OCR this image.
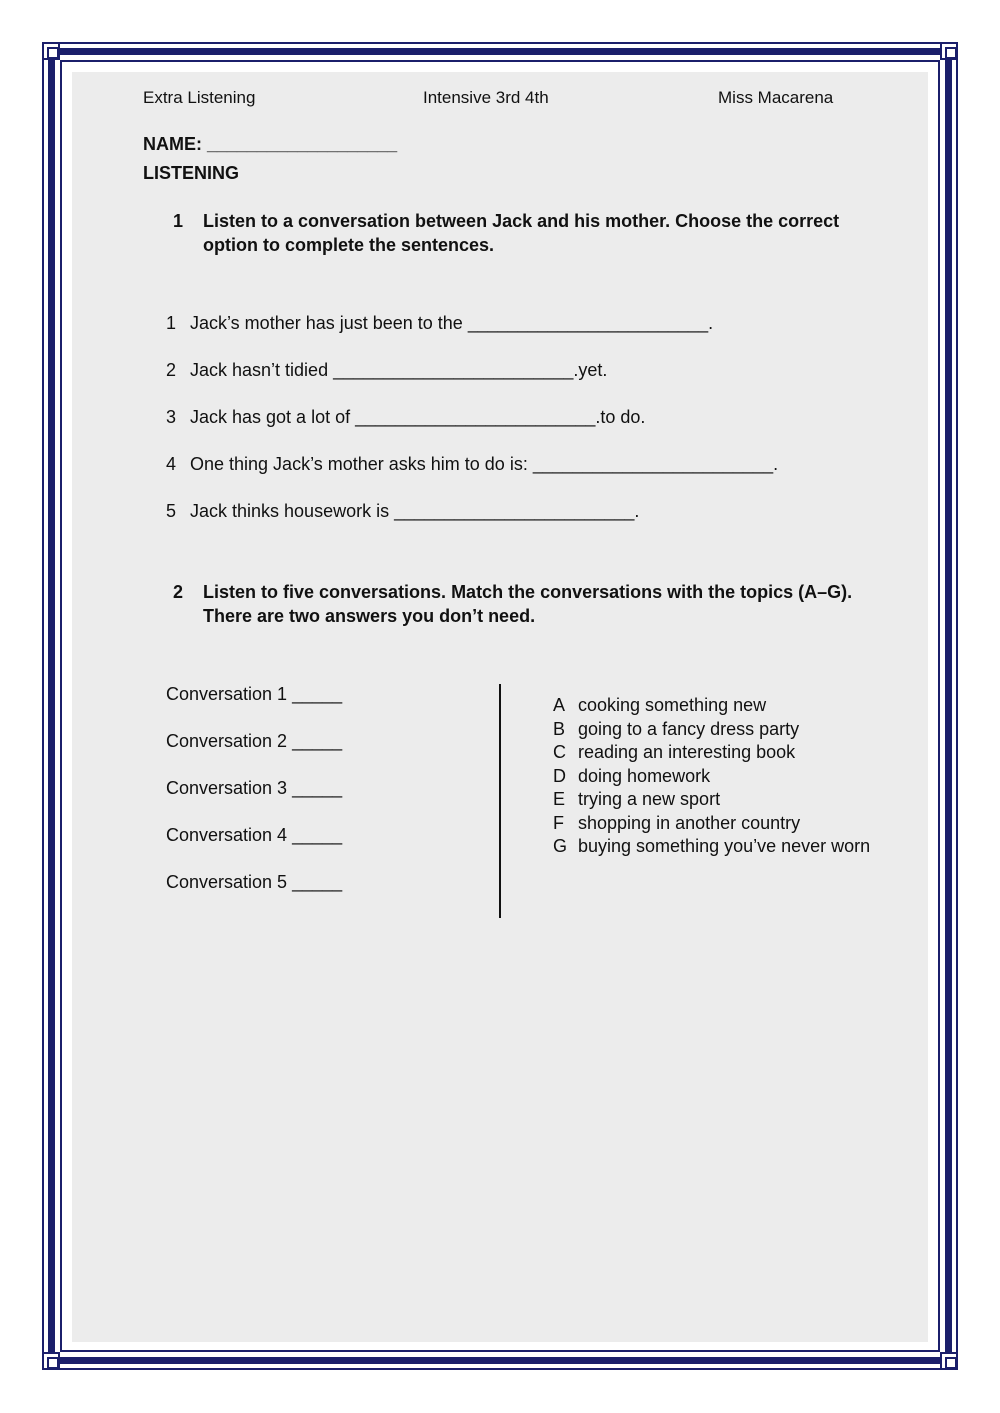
Extra Listening	Intensive 3rd 4th	Miss Macarena
NAME: ___________________
LISTENING
1 Listen to a conversation between Jack and his mother. Choose the correct option to complete the sentences.
1 Jack’s mother has just been to the ________________________.
2 Jack hasn’t tidied ________________________.yet.
3 Jack has got a lot of ________________________.to do.
4 One thing Jack’s mother asks him to do is: ________________________.
5 Jack thinks housework is ________________________.
2 Listen to five conversations. Match the conversations with the topics (A–G). There are two answers you don’t need.
Conversation 1 _____
Conversation 2 _____
Conversation 3 _____
Conversation 4 _____
Conversation 5 _____
A cooking something new
B going to a fancy dress party
C reading an interesting book
D doing homework
E trying a new sport
F shopping in another country
G buying something you’ve never worn
